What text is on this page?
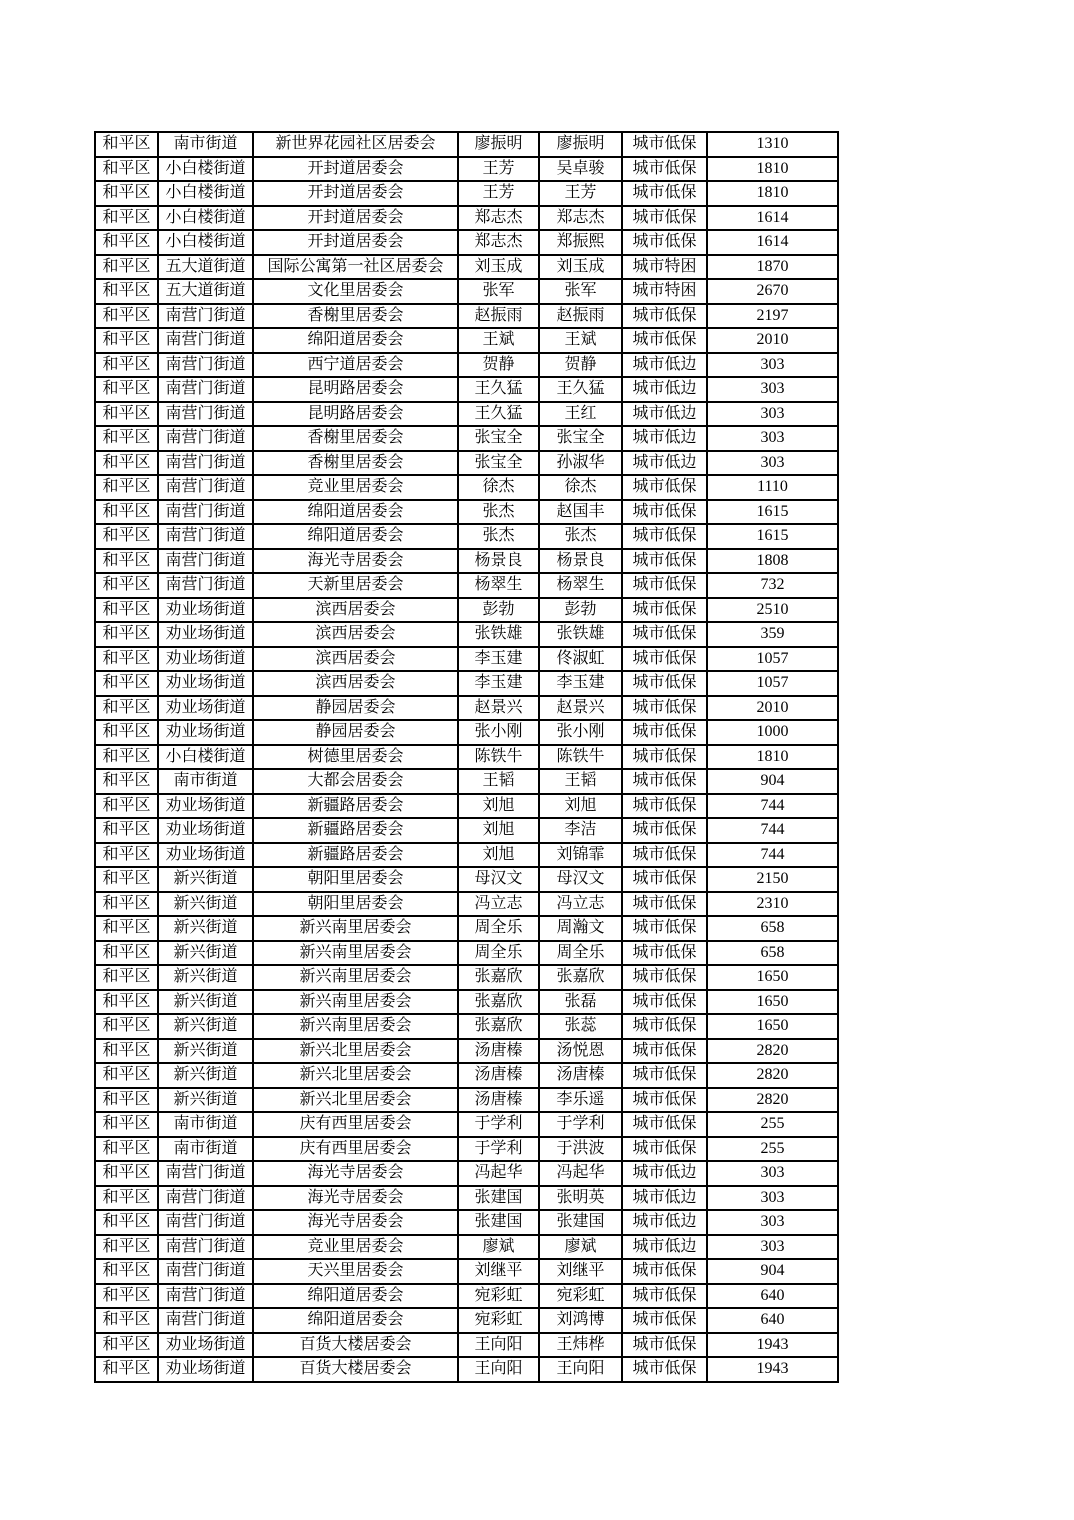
和平区	南市街道	新世界花园社区居委会	廖振明	廖振明	城市低保	1310
和平区	小白楼街道	开封道居委会	王芳	吴卓骏	城市低保	1810
和平区	小白楼街道	开封道居委会	王芳	王芳	城市低保	1810
和平区	小白楼街道	开封道居委会	郑志杰	郑志杰	城市低保	1614
和平区	小白楼街道	开封道居委会	郑志杰	郑振熙	城市低保	1614
和平区	五大道街道	国际公寓第一社区居委会	刘玉成	刘玉成	城市特困	1870
和平区	五大道街道	文化里居委会	张军	张军	城市特困	2670
和平区	南营门街道	香榭里居委会	赵振雨	赵振雨	城市低保	2197
和平区	南营门街道	绵阳道居委会	王斌	王斌	城市低保	2010
和平区	南营门街道	西宁道居委会	贺静	贺静	城市低边	303
和平区	南营门街道	昆明路居委会	王久猛	王久猛	城市低边	303
和平区	南营门街道	昆明路居委会	王久猛	王红	城市低边	303
和平区	南营门街道	香榭里居委会	张宝全	张宝全	城市低边	303
和平区	南营门街道	香榭里居委会	张宝全	孙淑华	城市低边	303
和平区	南营门街道	竞业里居委会	徐杰	徐杰	城市低保	1110
和平区	南营门街道	绵阳道居委会	张杰	赵国丰	城市低保	1615
和平区	南营门街道	绵阳道居委会	张杰	张杰	城市低保	1615
和平区	南营门街道	海光寺居委会	杨景良	杨景良	城市低保	1808
和平区	南营门街道	天新里居委会	杨翠生	杨翠生	城市低保	732
和平区	劝业场街道	滨西居委会	彭勃	彭勃	城市低保	2510
和平区	劝业场街道	滨西居委会	张铁雄	张铁雄	城市低保	359
和平区	劝业场街道	滨西居委会	李玉建	佟淑虹	城市低保	1057
和平区	劝业场街道	滨西居委会	李玉建	李玉建	城市低保	1057
和平区	劝业场街道	静园居委会	赵景兴	赵景兴	城市低保	2010
和平区	劝业场街道	静园居委会	张小刚	张小刚	城市低保	1000
和平区	小白楼街道	树德里居委会	陈铁牛	陈铁牛	城市低保	1810
和平区	南市街道	大都会居委会	王韬	王韬	城市低保	904
和平区	劝业场街道	新疆路居委会	刘旭	刘旭	城市低保	744
和平区	劝业场街道	新疆路居委会	刘旭	李洁	城市低保	744
和平区	劝业场街道	新疆路居委会	刘旭	刘锦霏	城市低保	744
和平区	新兴街道	朝阳里居委会	母汉文	母汉文	城市低保	2150
和平区	新兴街道	朝阳里居委会	冯立志	冯立志	城市低保	2310
和平区	新兴街道	新兴南里居委会	周全乐	周瀚文	城市低保	658
和平区	新兴街道	新兴南里居委会	周全乐	周全乐	城市低保	658
和平区	新兴街道	新兴南里居委会	张嘉欣	张嘉欣	城市低保	1650
和平区	新兴街道	新兴南里居委会	张嘉欣	张磊	城市低保	1650
和平区	新兴街道	新兴南里居委会	张嘉欣	张蕊	城市低保	1650
和平区	新兴街道	新兴北里居委会	汤唐榛	汤悦恩	城市低保	2820
和平区	新兴街道	新兴北里居委会	汤唐榛	汤唐榛	城市低保	2820
和平区	新兴街道	新兴北里居委会	汤唐榛	李乐遥	城市低保	2820
和平区	南市街道	庆有西里居委会	于学利	于学利	城市低保	255
和平区	南市街道	庆有西里居委会	于学利	于洪波	城市低保	255
和平区	南营门街道	海光寺居委会	冯起华	冯起华	城市低边	303
和平区	南营门街道	海光寺居委会	张建国	张明英	城市低边	303
和平区	南营门街道	海光寺居委会	张建国	张建国	城市低边	303
和平区	南营门街道	竞业里居委会	廖斌	廖斌	城市低边	303
和平区	南营门街道	天兴里居委会	刘继平	刘继平	城市低保	904
和平区	南营门街道	绵阳道居委会	宛彩虹	宛彩虹	城市低保	640
和平区	南营门街道	绵阳道居委会	宛彩虹	刘鸿博	城市低保	640
和平区	劝业场街道	百货大楼居委会	王向阳	王炜桦	城市低保	1943
和平区	劝业场街道	百货大楼居委会	王向阳	王向阳	城市低保	1943
